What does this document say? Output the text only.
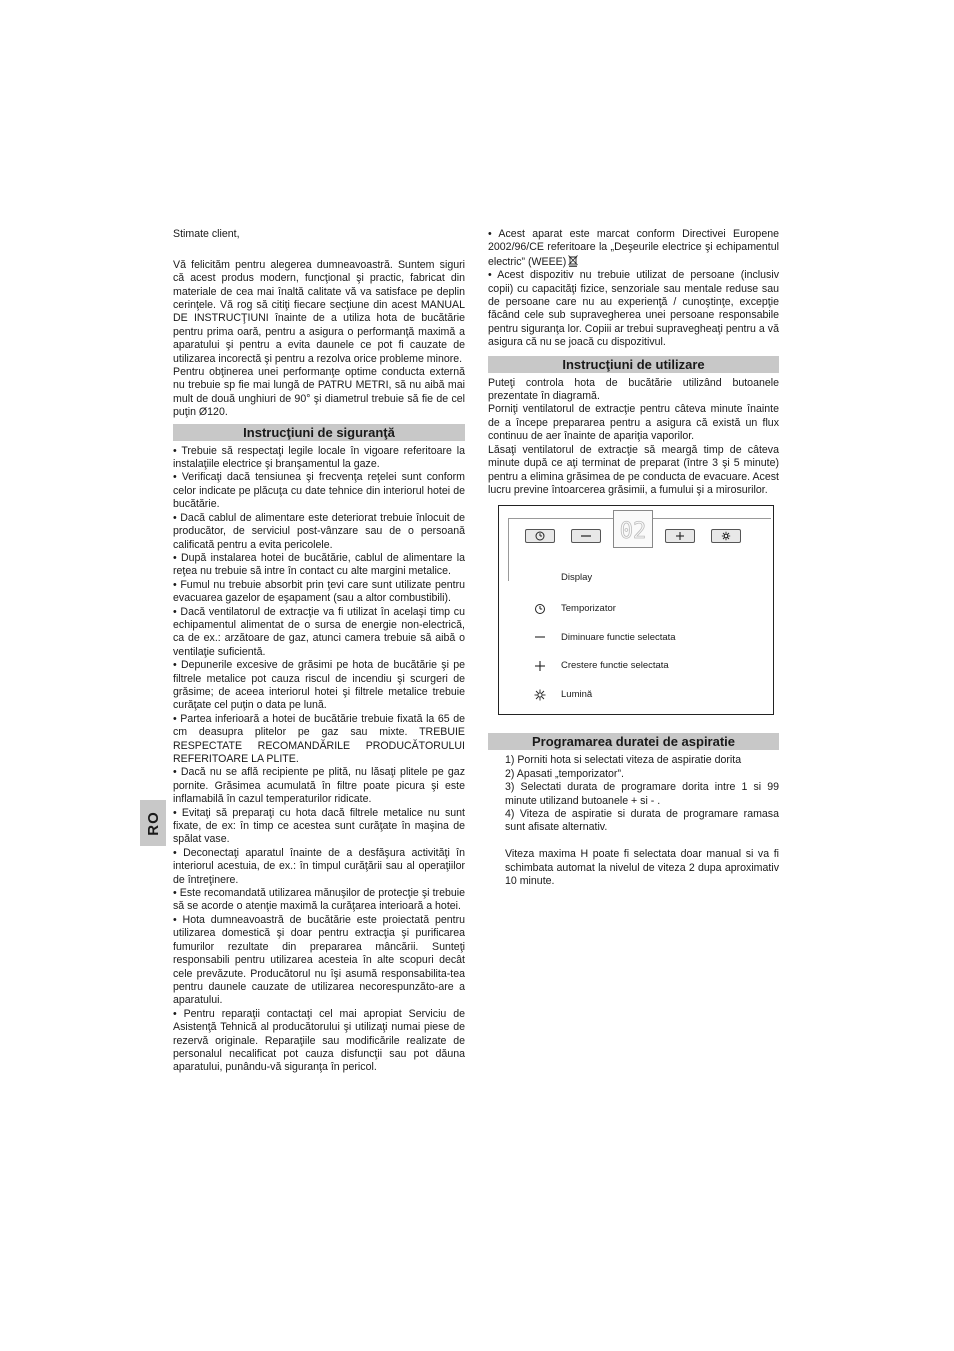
RO

Stimate client,

Vă felicităm pentru alegerea dumneavoastră. Suntem siguri că acest produs modern, funcţional şi practic, fabricat din materiale de cea mai înaltă calitate vă va satisface pe deplin cerinţele. Vă rog să citiţi fiecare secţiune din acest MANUAL DE INSTRUCŢIUNI înainte de a utiliza hota de bucătărie pentru prima oară, pentru a asigura o performanţă maximă a aparatului şi pentru a evita daunele ce pot fi cauzate de utilizarea incorectă şi pentru a rezolva orice probleme minore.

Pentru obţinerea unei performanţe optime conducta externă nu trebuie sp fie mai lungă de PATRU METRI, să nu aibă mai mult de două unghiuri de 90° şi diametrul trebuie să fie de cel puţin Ø120.

Instrucţiuni de siguranţă

• Trebuie să respectaţi legile locale în vigoare referitoare la instalaţiile electrice şi branşamentul la gaze.

• Verificaţi dacă tensiunea şi frecvenţa reţelei sunt conform celor indicate pe plăcuţa cu date tehnice din interiorul hotei de bucătărie.

• Dacă cablul de alimentare este deteriorat trebuie înlocuit de producător, de serviciul post-vânzare sau de o persoană calificată pentru a evita pericolele.

• După instalarea hotei de bucătărie, cablul de alimentare la reţea nu trebuie să intre în contact cu alte margini metalice.

• Fumul nu trebuie absorbit prin ţevi care sunt utilizate pentru evacuarea gazelor de eşapament (sau a altor combustibili).

• Dacă ventilatorul de extracţie va fi utilizat în acelaşi timp cu echipamentul alimentat de o sursa de energie non-electrică, ca de ex.: arzătoare de gaz, atunci camera trebuie să aibă o ventilaţie suficientă.

• Depunerile excesive de grăsimi pe hota de bucătărie şi pe filtrele metalice pot cauza riscul de incendiu şi scurgeri de grăsime; de aceea interiorul hotei şi filtrele metalice trebuie curăţate cel puţin o data pe lună.

• Partea inferioară a hotei de bucătărie trebuie fixată la 65 de cm deasupra plitelor pe gaz sau mixte. TREBUIE RESPECTATE RECOMANDĂRILE PRODUCĂTORULUI REFERITOARE LA PLITE.

• Dacă nu se află recipiente pe plită, nu lăsaţi plitele pe gaz pornite. Grăsimea acumulată în filtre poate picura şi este inflamabilă în cazul temperaturilor ridicate.

• Evitaţi să preparaţi cu hota dacă filtrele metalice nu sunt fixate, de ex: în timp ce acestea sunt curăţate în maşina de spălat vase.

• Deconectaţi aparatul înainte de a desfăşura activităţi în interiorul acestuia, de ex.: în timpul curăţării sau al operaţiilor de întreţinere.

• Este recomandată utilizarea mănuşilor de protecţie şi trebuie să se acorde o atenţie maximă la curăţarea interioară a hotei.

• Hota dumneavoastră de bucătărie este proiectată pentru utilizarea domestică şi doar pentru extracţia şi purificarea fumurilor rezultate din prepararea mâncării. Sunteţi responsabili pentru utilizarea acesteia în alte scopuri decât cele prevăzute. Producătorul nu îşi asumă responsabilita-tea pentru daunele cauzate de utilizarea necorespunzăto-are a aparatului.

• Pentru reparaţii contactaţi cel mai apropiat Serviciu de Asistenţă Tehnică al producătorului şi utilizaţi numai piese de rezervă originale. Reparaţiile sau modificările realizate de personalul necalificat pot cauza disfuncţii sau pot dăuna aparatului, punându-vă siguranţa în pericol.

• Acest aparat este marcat conform Directivei Europene 2002/96/CE referitoare la „Deşeurile electrice şi echipamentul electric” (WEEE)

• Acest dispozitiv nu trebuie utilizat de persoane (inclusiv copii) cu capacităţi fizice, senzoriale sau mentale reduse sau de persoane care nu au experienţă / cunoştinţe, excepţie făcând cele sub supravegherea unei persoane responsabile pentru siguranţa lor. Copiii ar trebui supravegheaţi pentru a vă asigura că nu se joacă cu dispozitivul.

Instrucţiuni de utilizare

Puteţi controla hota de bucătărie utilizând butoanele prezentate în diagramă.

Porniţi ventilatorul de extracţie pentru câteva minute înainte de a începe prepararea pentru a asigura că există un flux continuu de aer înainte de apariţia vaporilor.

Lăsaţi ventilatorul de extracţie să meargă timp de câteva minute după ce aţi terminat de preparat (între 3 şi 5 minute) pentru a elimina grăsimea de pe conducta de evacuare. Acest lucru previne întoarcerea grăsimii, a fumului şi a mirosurilor.

02
Display
Temporizator
Diminuare functie selectata
Crestere functie selectata
Lumină
Programarea duratei de aspiratie
1) Porniti hota si selectati viteza de aspiratie dorita
2) Apasati „temporizator”.
3) Selectati durata de programare dorita intre 1 si 99 minute utilizand butoanele + si - .
4) Viteza de aspiratie si durata de programare ramasa sunt afisate alternativ.

Viteza maxima H poate fi selectata doar manual si va fi schimbata automat la nivelul de viteza 2 dupa aproximativ 10 minute.
